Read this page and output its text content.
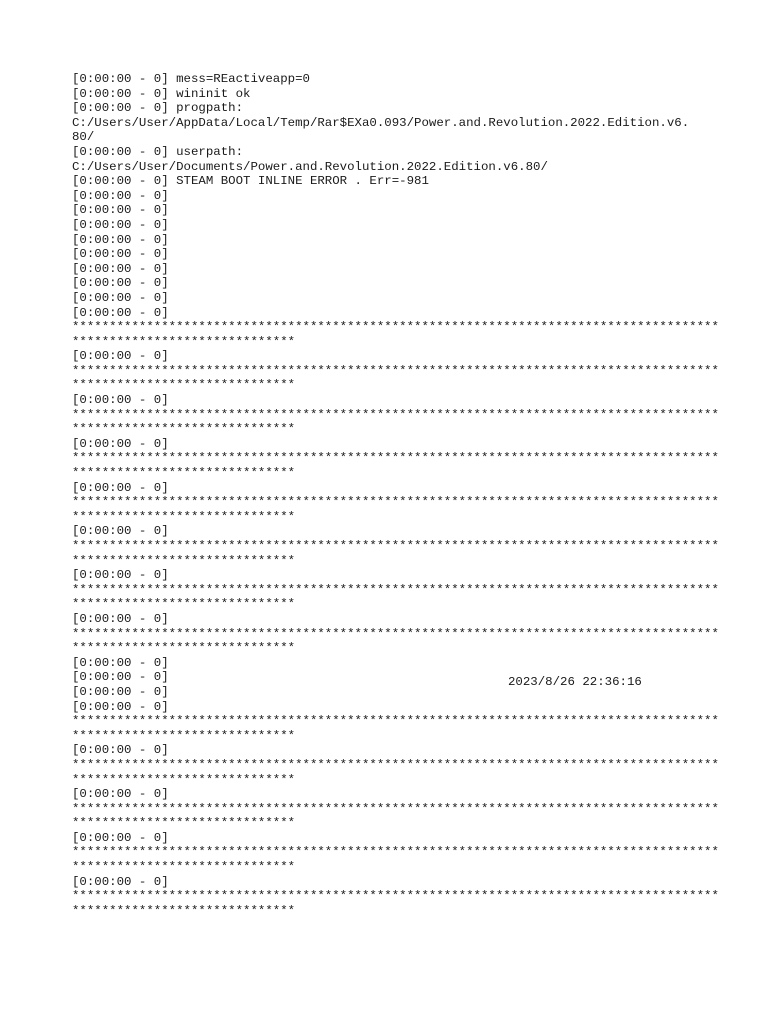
[0:00:00 - 0] mess=REactiveapp=0
[0:00:00 - 0] wininit ok
[0:00:00 - 0] progpath:
C:/Users/User/AppData/Local/Temp/Rar$EXa0.093/Power.and.Revolution.2022.Edition.v6.
80/
[0:00:00 - 0] userpath:
C:/Users/User/Documents/Power.and.Revolution.2022.Edition.v6.80/
[0:00:00 - 0] STEAM BOOT INLINE ERROR . Err=-981
[0:00:00 - 0]
[0:00:00 - 0]
[0:00:00 - 0]
[0:00:00 - 0]
[0:00:00 - 0]
[0:00:00 - 0]
[0:00:00 - 0]
[0:00:00 - 0]
[0:00:00 - 0]
***************************************************************************************
******************************
[0:00:00 - 0]
***************************************************************************************
******************************
[0:00:00 - 0]
***************************************************************************************
******************************
[0:00:00 - 0]
***************************************************************************************
******************************
[0:00:00 - 0]
***************************************************************************************
******************************
[0:00:00 - 0]
***************************************************************************************
******************************
[0:00:00 - 0]
***************************************************************************************
******************************
[0:00:00 - 0]
***************************************************************************************
******************************
[0:00:00 - 0]
[0:00:00 - 0]
[0:00:00 - 0]
[0:00:00 - 0]
***************************************************************************************
******************************
[0:00:00 - 0]
***************************************************************************************
******************************
[0:00:00 - 0]
***************************************************************************************
******************************
[0:00:00 - 0]
***************************************************************************************
******************************
[0:00:00 - 0]
***************************************************************************************
******************************
2023/8/26 22:36:16
